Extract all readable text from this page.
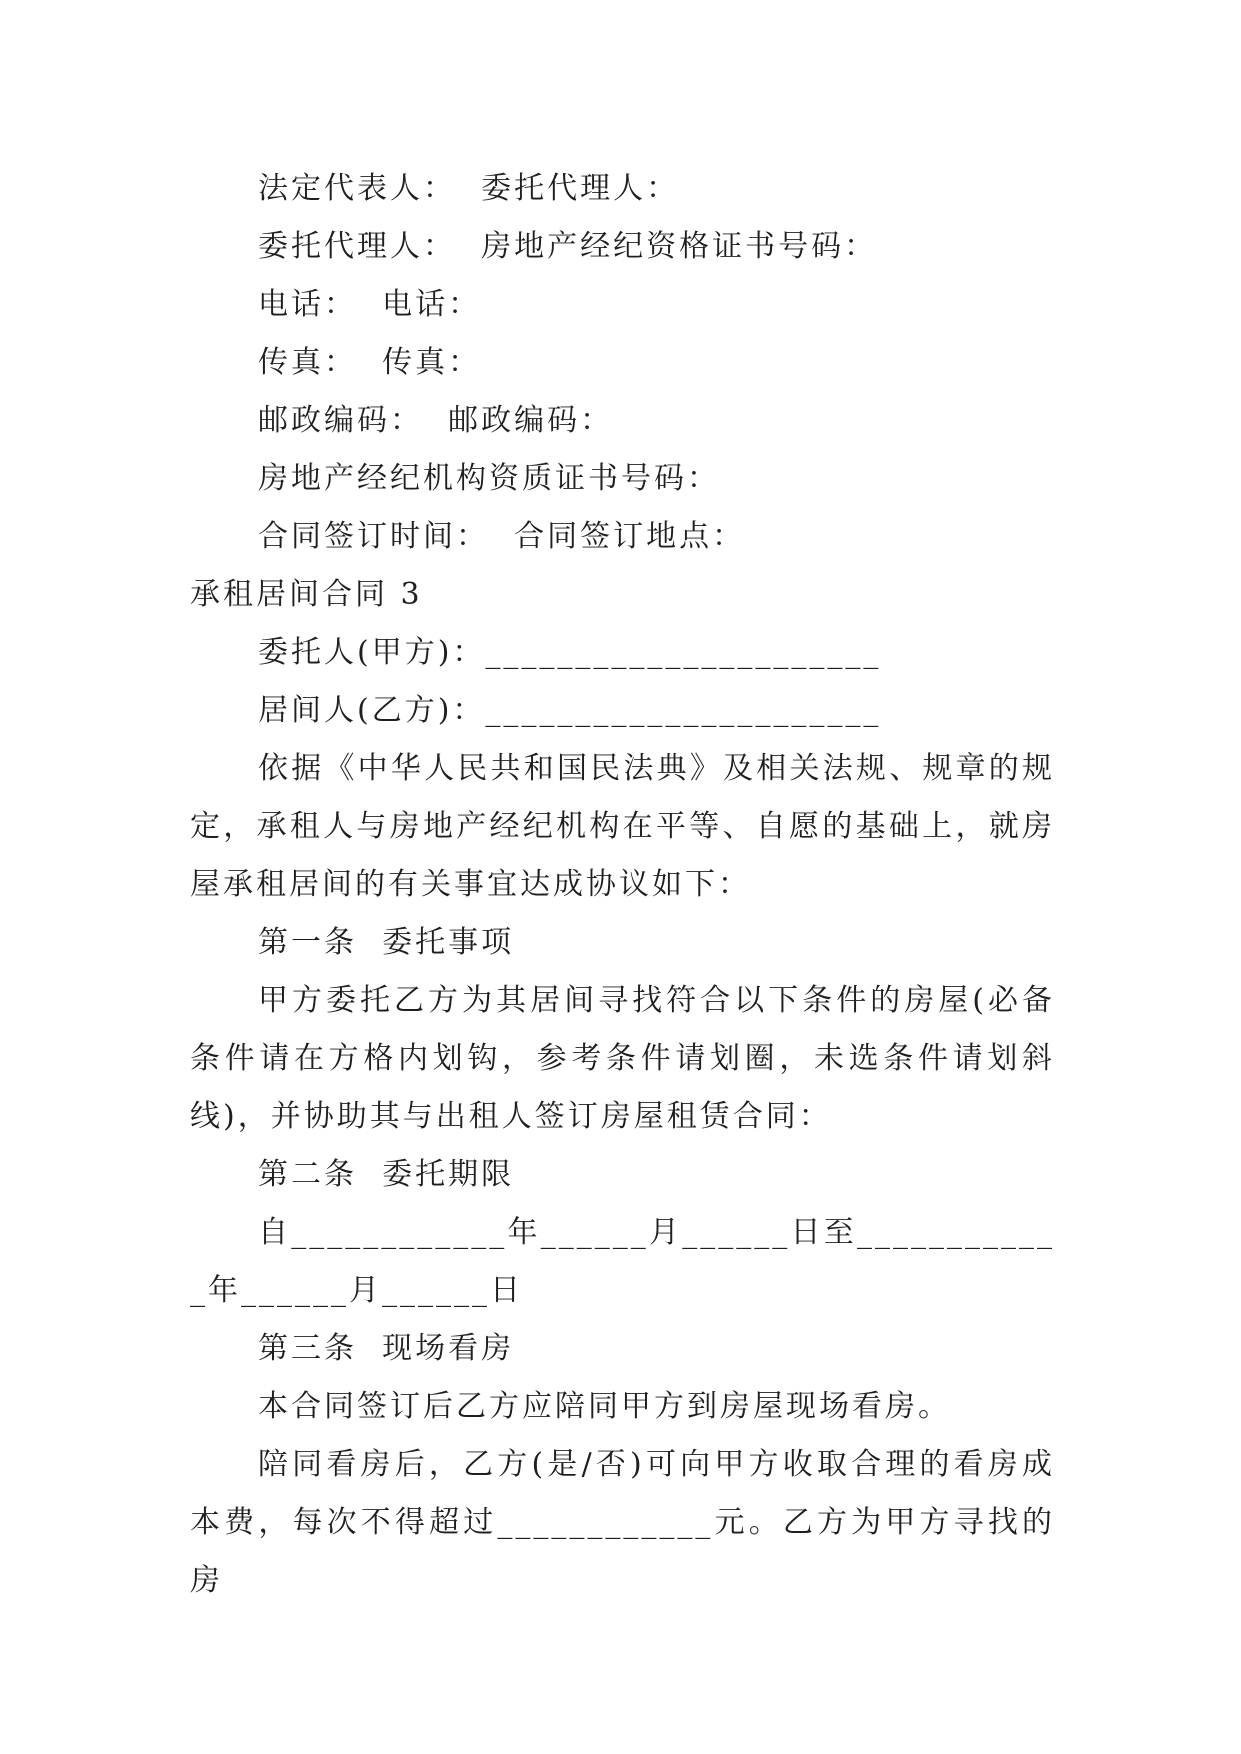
法定代表人：  委托代理人：

委托代理人：  房地产经纪资格证书号码：

电话：  电话：

传真：  传真：

邮政编码：  邮政编码：

房地产经纪机构资质证书号码：

合同签订时间：  合同签订地点：

承租居间合同 3

委托人(甲方)：______________________

居间人(乙方)：______________________

依据《中华人民共和国民法典》及相关法规、规章的规定，承租人与房地产经纪机构在平等、自愿的基础上，就房屋承租居间的有关事宜达成协议如下：

第一条  委托事项

甲方委托乙方为其居间寻找符合以下条件的房屋(必备条件请在方格内划钩，参考条件请划圈，未选条件请划斜线)，并协助其与出租人签订房屋租赁合同：

第二条  委托期限

自____________年______月______日至____________年______月______日

第三条  现场看房

本合同签订后乙方应陪同甲方到房屋现场看房。

陪同看房后，乙方(是/否)可向甲方收取合理的看房成本费，每次不得超过____________元。乙方为甲方寻找的房
